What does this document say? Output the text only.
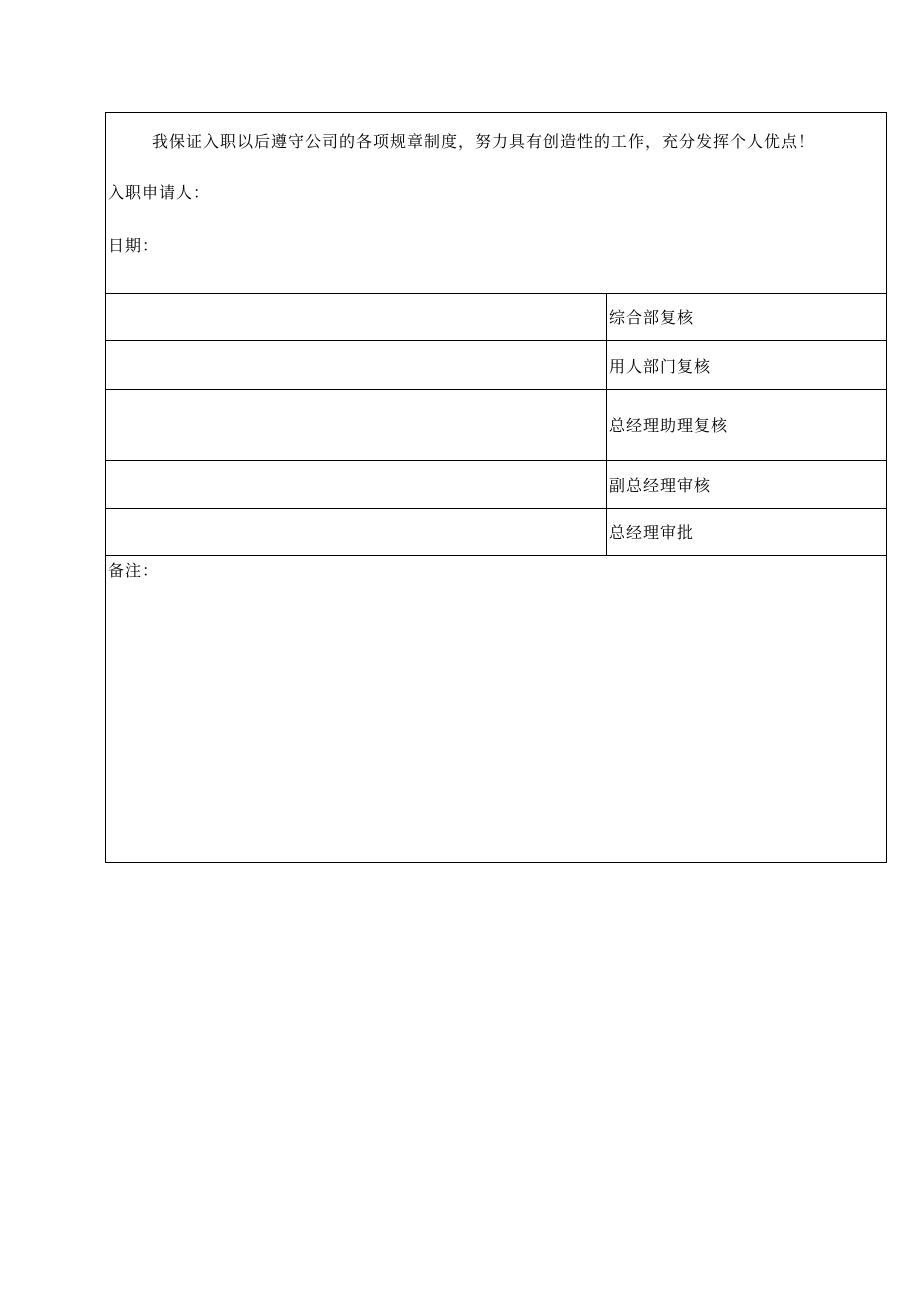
我保证入职以后遵守公司的各项规章制度，努力具有创造性的工作，充分发挥个人优点！
入职申请人：
日期：
综合部复核
用人部门复核
总经理助理复核
副总经理审核
总经理审批
备注：
